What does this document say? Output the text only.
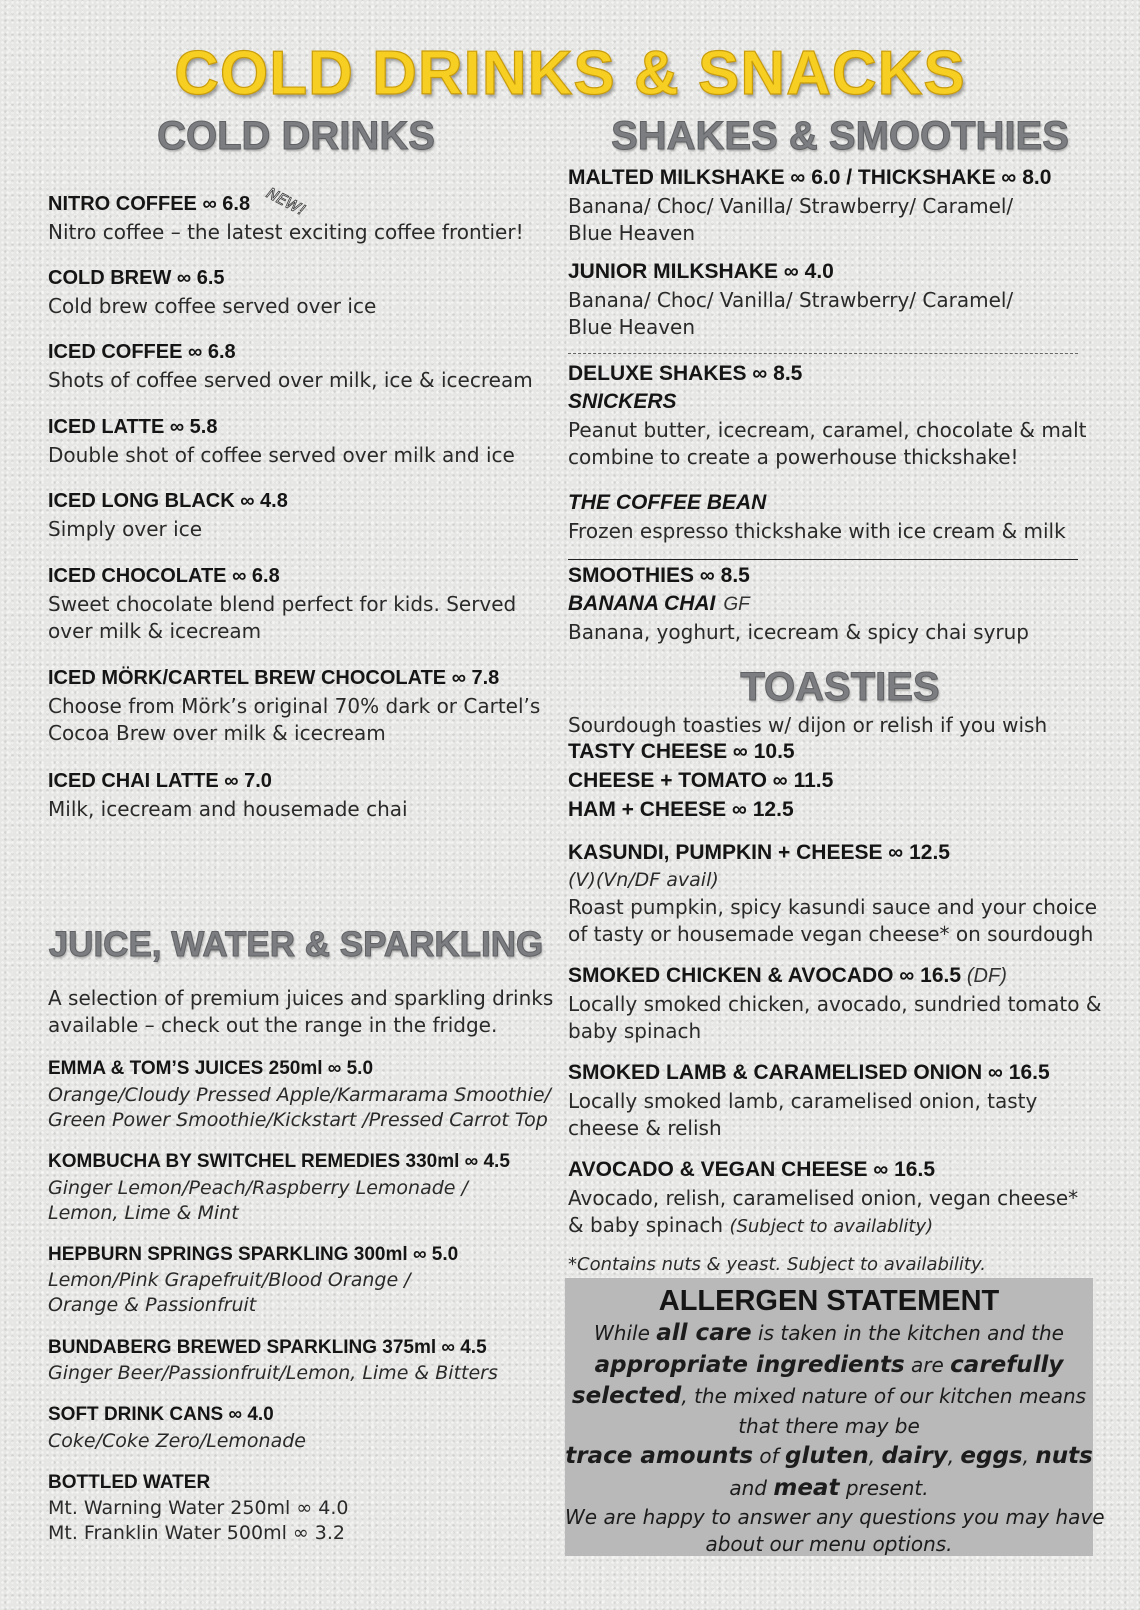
COLD DRINKS & SNACKS
COLD DRINKS
NITRO COFFEE ∞ 6.8 NEW!
Nitro coffee – the latest exciting coffee frontier!
COLD BREW ∞ 6.5
Cold brew coffee served over ice
ICED COFFEE ∞ 6.8
Shots of coffee served over milk, ice & icecream
ICED LATTE ∞ 5.8
Double shot of coffee served over milk and ice
ICED LONG BLACK ∞ 4.8
Simply over ice
ICED CHOCOLATE ∞ 6.8
Sweet chocolate blend perfect for kids. Served
over milk & icecream
ICED MÖRK/CARTEL BREW CHOCOLATE ∞ 7.8
Choose from Mörk’s original 70% dark or Cartel’s
Cocoa Brew over milk & icecream
ICED CHAI LATTE ∞ 7.0
Milk, icecream and housemade chai
JUICE, WATER & SPARKLING
A selection of premium juices and sparkling drinks
available – check out the range in the fridge.
EMMA & TOM’S JUICES 250ml ∞ 5.0
Orange/Cloudy Pressed Apple/Karmarama Smoothie/
Green Power Smoothie/Kickstart /Pressed Carrot Top
KOMBUCHA BY SWITCHEL REMEDIES 330ml ∞ 4.5
Ginger Lemon/Peach/Raspberry Lemonade /
Lemon, Lime & Mint
HEPBURN SPRINGS SPARKLING 300ml ∞ 5.0
Lemon/Pink Grapefruit/Blood Orange /
Orange & Passionfruit
BUNDABERG BREWED SPARKLING 375ml ∞ 4.5
Ginger Beer/Passionfruit/Lemon, Lime & Bitters
SOFT DRINK CANS ∞ 4.0
Coke/Coke Zero/Lemonade
BOTTLED WATER
Mt. Warning Water 250ml ∞ 4.0
Mt. Franklin Water 500ml ∞ 3.2
SHAKES & SMOOTHIES
MALTED MILKSHAKE ∞ 6.0 / THICKSHAKE ∞ 8.0
Banana/ Choc/ Vanilla/ Strawberry/ Caramel/
Blue Heaven
JUNIOR MILKSHAKE ∞ 4.0
Banana/ Choc/ Vanilla/ Strawberry/ Caramel/
Blue Heaven
DELUXE SHAKES ∞ 8.5
SNICKERS
Peanut butter, icecream, caramel, chocolate & malt
combine to create a powerhouse thickshake!
THE COFFEE BEAN
Frozen espresso thickshake with ice cream & milk
SMOOTHIES ∞ 8.5
BANANA CHAI GF
Banana, yoghurt, icecream & spicy chai syrup
TOASTIES
Sourdough toasties w/ dijon or relish if you wish
TASTY CHEESE ∞ 10.5
CHEESE + TOMATO ∞ 11.5
HAM + CHEESE ∞ 12.5
KASUNDI, PUMPKIN + CHEESE ∞ 12.5
(V)(Vn/DF avail)
Roast pumpkin, spicy kasundi sauce and your choice
of tasty or housemade vegan cheese* on sourdough
SMOKED CHICKEN & AVOCADO ∞ 16.5 (DF)
Locally smoked chicken, avocado, sundried tomato &
baby spinach
SMOKED LAMB & CARAMELISED ONION ∞ 16.5
Locally smoked lamb, caramelised onion, tasty
cheese & relish
AVOCADO & VEGAN CHEESE ∞ 16.5
Avocado, relish, caramelised onion, vegan cheese*
& baby spinach (Subject to availablity)
*Contains nuts & yeast. Subject to availability.
ALLERGEN STATEMENT
While all care is taken in the kitchen and the
appropriate ingredients are carefully
selected, the mixed nature of our kitchen means
that there may be
trace amounts of gluten, dairy, eggs, nuts
and meat present.
We are happy to answer any questions you may have
about our menu options.
